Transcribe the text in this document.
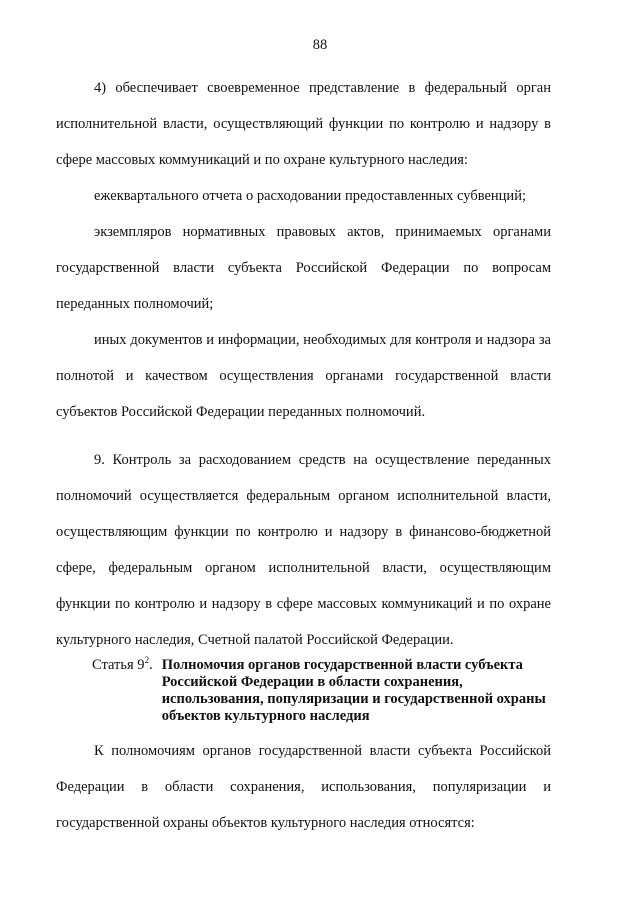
88

4) обеспечивает своевременное представление в федеральный орган исполнительной власти, осуществляющий функции по контролю и надзору в сфере массовых коммуникаций и по охране культурного наследия:

ежеквартального отчета о расходовании предоставленных субвенций;

экземпляров нормативных правовых актов, принимаемых органами государственной власти субъекта Российской Федерации по вопросам переданных полномочий;

иных документов и информации, необходимых для контроля и надзора за полнотой и качеством осуществления органами государственной власти субъектов Российской Федерации переданных полномочий.

9. Контроль за расходованием средств на осуществление переданных полномочий осуществляется федеральным органом исполнительной власти, осуществляющим функции по контролю и надзору в финансово-бюджетной сфере, федеральным органом исполнительной власти, осуществляющим функции по контролю и надзору в сфере массовых коммуникаций и по охране культурного наследия, Счетной палатой Российской Федерации.

Статья $9^2$. Полномочия органов государственной власти субъекта Российской Федерации в области сохранения, использования, популяризации и государственной охраны объектов культурного наследия

К полномочиям органов государственной власти субъекта Российской Федерации в области сохранения, использования, популяризации и государственной охраны объектов культурного наследия относятся:
